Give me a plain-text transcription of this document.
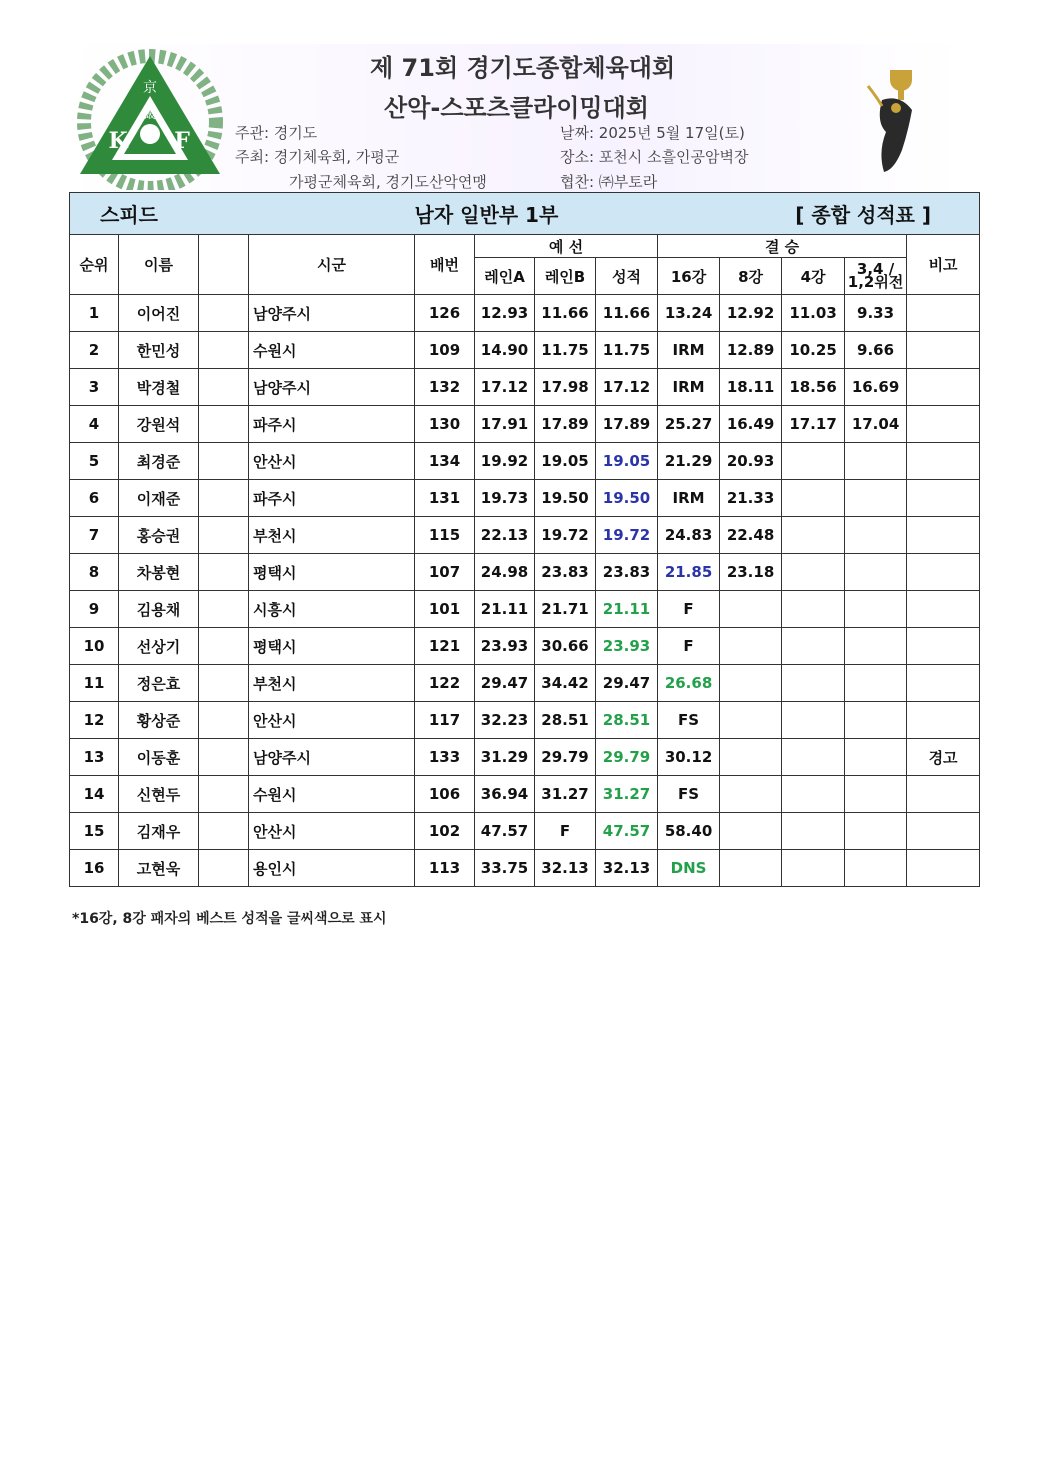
京
畿
K F
제 71회 경기도종합체육대회
산악-스포츠클라이밍대회
주관: 경기도
주최: 경기체육회, 가평군
가평군체육회, 경기도산악연맹
날짜: 2025년 5월 17일(토)
장소: 포천시 소흘인공암벽장
협찬: ㈜부토라
스피드				남자 일반부 1부					[ 종합 성적표 ]			
순위	이름		시군	배번	예 선			결 승				비고
					레인A	레인B	성적	16강	8강	4강	3,4 / 1,2위전	
1	이어진		남양주시	126	12.93	11.66	11.66	13.24	12.92	11.03	9.33	
2	한민성		수원시	109	14.90	11.75	11.75	IRM	12.89	10.25	9.66	
3	박경철		남양주시	132	17.12	17.98	17.12	IRM	18.11	18.56	16.69	
4	강원석		파주시	130	17.91	17.89	17.89	25.27	16.49	17.17	17.04	
5	최경준		안산시	134	19.92	19.05	19.05	21.29	20.93			
6	이재준		파주시	131	19.73	19.50	19.50	IRM	21.33			
7	홍승권		부천시	115	22.13	19.72	19.72	24.83	22.48			
8	차봉현		평택시	107	24.98	23.83	23.83	21.85	23.18			
9	김용채		시흥시	101	21.11	21.71	21.11	F				
10	선상기		평택시	121	23.93	30.66	23.93	F				
11	정은효		부천시	122	29.47	34.42	29.47	26.68				
12	황상준		안산시	117	32.23	28.51	28.51	FS				
13	이동훈		남양주시	133	31.29	29.79	29.79	30.12				경고
14	신현두		수원시	106	36.94	31.27	31.27	FS				
15	김재우		안산시	102	47.57	F	47.57	58.40				
16	고현욱		용인시	113	33.75	32.13	32.13	DNS				
*16강, 8강 패자의 베스트 성적을 글씨색으로 표시
